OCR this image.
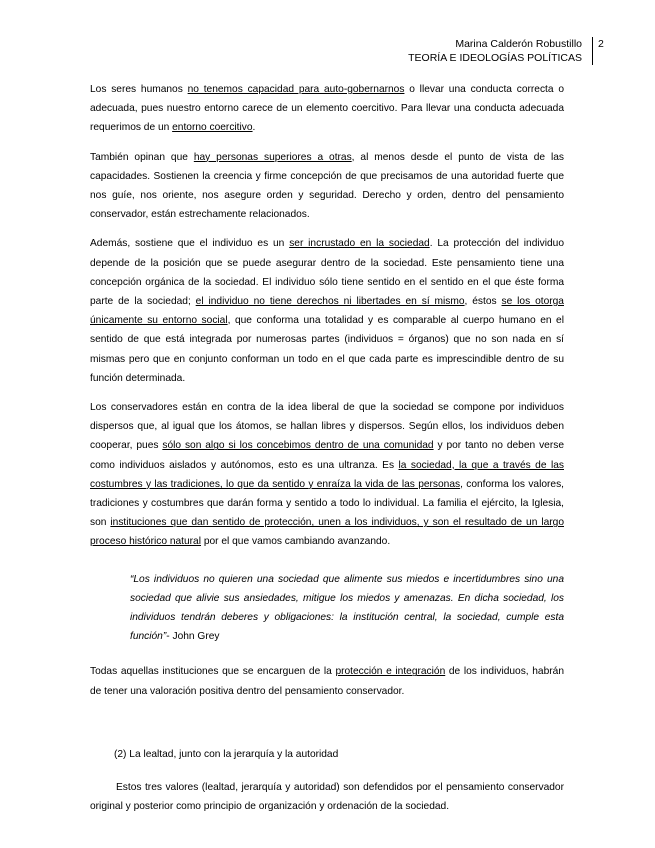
Marina Calderón Robustillo
TEORÍA E IDEOLOGÍAS POLÍTICAS
2

Los seres humanos no tenemos capacidad para auto-gobernarnos o llevar una conducta correcta o adecuada, pues nuestro entorno carece de un elemento coercitivo. Para llevar una conducta adecuada requerimos de un entorno coercitivo.

También opinan que hay personas superiores a otras, al menos desde el punto de vista de las capacidades. Sostienen la creencia y firme concepción de que precisamos de una autoridad fuerte que nos guíe, nos oriente, nos asegure orden y seguridad. Derecho y orden, dentro del pensamiento conservador, están estrechamente relacionados.

Además, sostiene que el individuo es un ser incrustado en la sociedad. La protección del individuo depende de la posición que se puede asegurar dentro de la sociedad. Este pensamiento tiene una concepción orgánica de la sociedad. El individuo sólo tiene sentido en el sentido en el que éste forma parte de la sociedad; el individuo no tiene derechos ni libertades en sí mismo, éstos se los otorga únicamente su entorno social, que conforma una totalidad y es comparable al cuerpo humano en el sentido de que está integrada por numerosas partes (individuos = órganos) que no son nada en sí mismas pero que en conjunto conforman un todo en el que cada parte es imprescindible dentro de su función determinada.

Los conservadores están en contra de la idea liberal de que la sociedad se compone por individuos dispersos que, al igual que los átomos, se hallan libres y dispersos. Según ellos, los individuos deben cooperar, pues sólo son algo si los concebimos dentro de una comunidad y por tanto no deben verse como individuos aislados y autónomos, esto es una ultranza. Es la sociedad, la que a través de las costumbres y las tradiciones, lo que da sentido y enraíza la vida de las personas, conforma los valores, tradiciones y costumbres que darán forma y sentido a todo lo individual. La familia el ejército, la Iglesia, son instituciones que dan sentido de protección, unen a los individuos, y son el resultado de un largo proceso histórico natural por el que vamos cambiando avanzando.

“Los individuos no quieren una sociedad que alimente sus miedos e incertidumbres sino una sociedad que alivie sus ansiedades, mitigue los miedos y amenazas. En dicha sociedad, los individuos tendrán deberes y obligaciones: la institución central, la sociedad, cumple esta función”- John Grey

Todas aquellas instituciones que se encarguen de la protección e integración de los individuos, habrán de tener una valoración positiva dentro del pensamiento conservador.

(2) La lealtad, junto con la jerarquía y la autoridad

Estos tres valores (lealtad, jerarquía y autoridad) son defendidos por el pensamiento conservador original y posterior como principio de organización y ordenación de la sociedad.
